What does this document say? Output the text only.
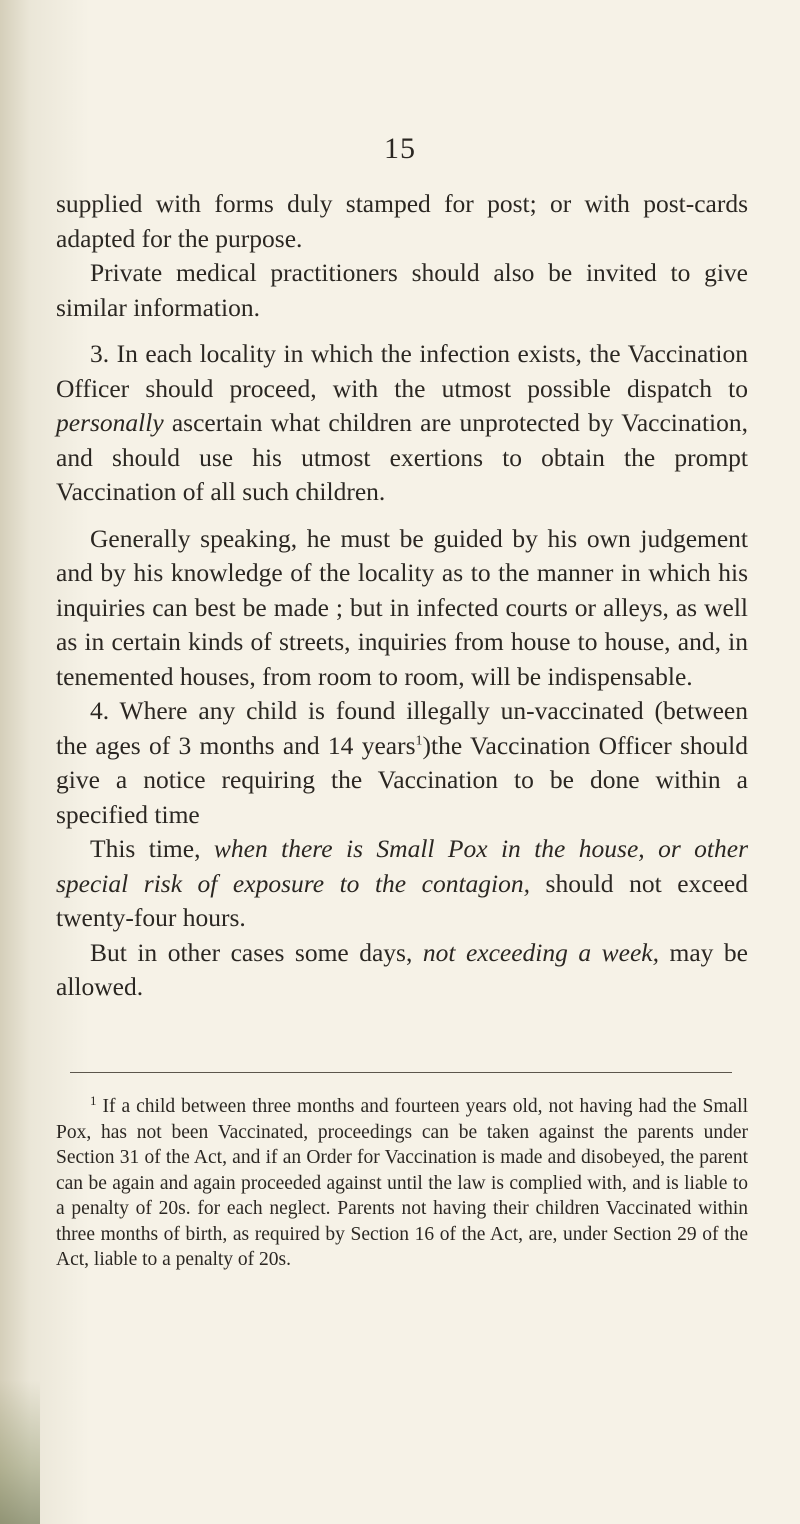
15

supplied with forms duly stamped for post; or with post-cards adapted for the purpose.

Private medical practitioners should also be invited to give similar information.

3. In each locality in which the infection exists, the Vaccination Officer should proceed, with the utmost possible dispatch to personally ascertain what children are unprotected by Vaccination, and should use his utmost exertions to obtain the prompt Vaccination of all such children.

Generally speaking, he must be guided by his own judgement and by his knowledge of the locality as to the manner in which his inquiries can best be made ; but in infected courts or alleys, as well as in certain kinds of streets, inquiries from house to house, and, in tenemented houses, from room to room, will be indispensable.

4. Where any child is found illegally un-vaccinated (between the ages of 3 months and 14 years$^1$)the Vaccination Officer should give a notice requiring the Vaccination to be done within a specified time

This time, when there is Small Pox in the house, or other special risk of exposure to the contagion, should not exceed twenty-four hours.

But in other cases some days, not exceeding a week, may be allowed.

$^1$ If a child between three months and fourteen years old, not having had the Small Pox, has not been Vaccinated, proceedings can be taken against the parents under Section 31 of the Act, and if an Order for Vaccination is made and disobeyed, the parent can be again and again proceeded against until the law is complied with, and is liable to a penalty of 20s. for each neglect. Parents not having their children Vaccinated within three months of birth, as required by Section 16 of the Act, are, under Section 29 of the Act, liable to a penalty of 20s.
